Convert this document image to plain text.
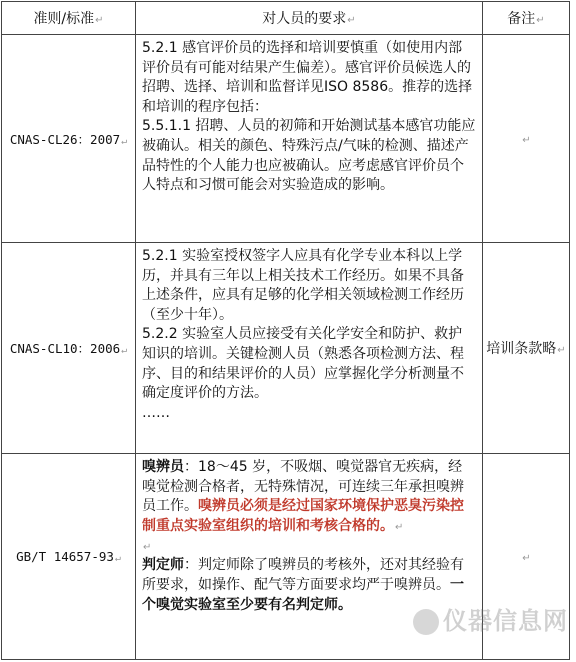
准则/标准↵	对人员的要求↵	备注↵
CNAS-CL26：2007↵	5.2.1 感官评价员的选择和培训要慎重（如使用内部评价员有可能对结果产生偏差）。感官评价员候选人的招聘、选择、培训和监督详见ISO 8586。推荐的选择和培训的程序包括：

5.5.1.1 招聘、人员的初筛和开始测试基本感官功能应被确认。相关的颜色、特殊污点/气味的检测、描述产品特性的个人能力也应被确认。应考虑感官评价员个人特点和习惯可能会对实验造成的影响。	↵
CNAS-CL10：2006↵	5.2.1 实验室授权签字人应具有化学专业本科以上学历，并具有三年以上相关技术工作经历。如果不具备上述条件，应具有足够的化学相关领域检测工作经历（至少十年）。

5.2.2 实验室人员应接受有关化学安全和防护、救护知识的培训。关键检测人员（熟悉各项检测方法、程序、目的和结果评价的人员）应掌握化学分析测量不确定度评价的方法。

……	培训条款略↵
GB/T 14657-93↵	嗅辨员：18～45 岁，不吸烟、嗅觉器官无疾病，经嗅觉检测合格者，无特殊情况，可连续三年承担嗅辨员工作。嗅辨员必须是经过国家环境保护恶臭污染控制重点实验室组织的培训和考核合格的。↵

↵

判定师：判定师除了嗅辨员的考核外，还对其经验有所要求，如操作、配气等方面要求均严于嗅辨员。一个嗅觉实验室至少要有名判定师。	↵
仪器信息网
